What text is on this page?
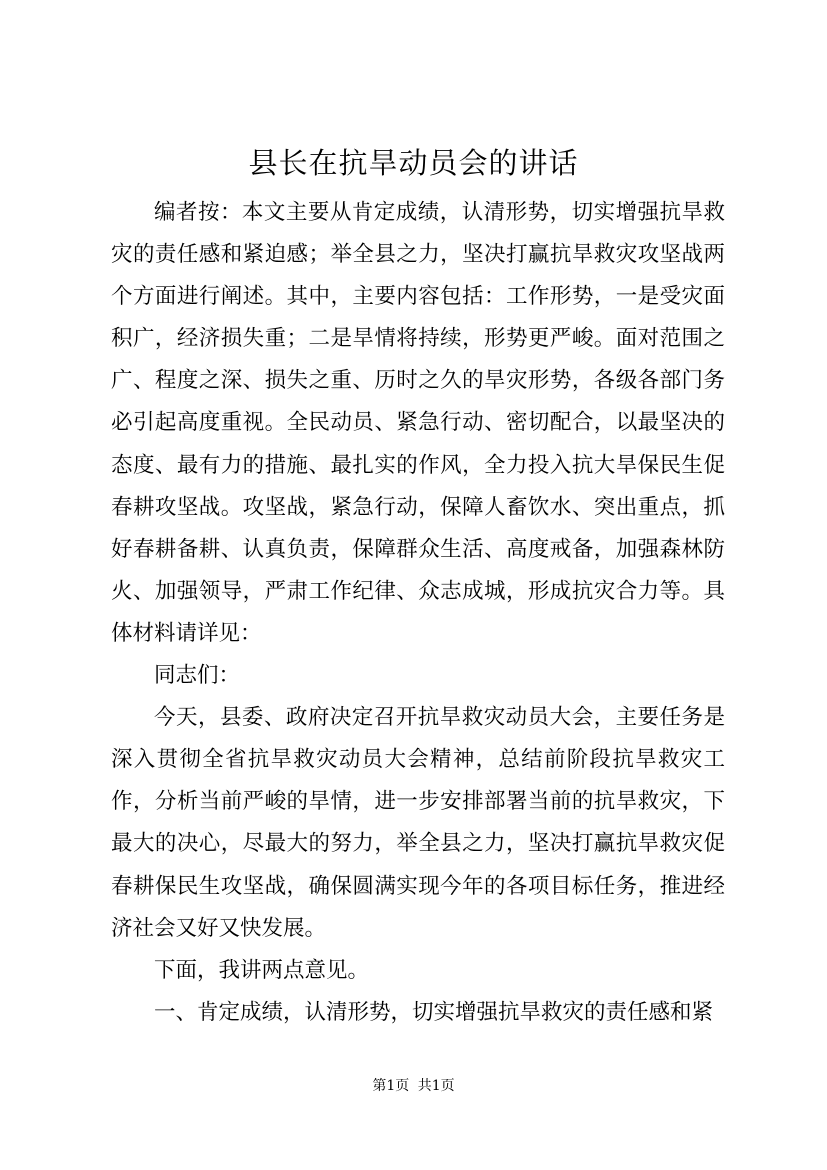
县长在抗旱动员会的讲话

编者按：本文主要从肯定成绩，认清形势，切实增强抗旱救灾的责任感和紧迫感；举全县之力，坚决打赢抗旱救灾攻坚战两个方面进行阐述。其中，主要内容包括：工作形势，一是受灾面积广，经济损失重；二是旱情将持续，形势更严峻。面对范围之广、程度之深、损失之重、历时之久的旱灾形势，各级各部门务必引起高度重视。全民动员、紧急行动、密切配合，以最坚决的态度、最有力的措施、最扎实的作风，全力投入抗大旱保民生促春耕攻坚战。攻坚战，紧急行动，保障人畜饮水、突出重点，抓好春耕备耕、认真负责，保障群众生活、高度戒备，加强森林防火、加强领导，严肃工作纪律、众志成城，形成抗灾合力等。具体材料请详见：

同志们：

今天，县委、政府决定召开抗旱救灾动员大会，主要任务是深入贯彻全省抗旱救灾动员大会精神，总结前阶段抗旱救灾工作，分析当前严峻的旱情，进一步安排部署当前的抗旱救灾，下最大的决心，尽最大的努力，举全县之力，坚决打赢抗旱救灾促春耕保民生攻坚战，确保圆满实现今年的各项目标任务，推进经济社会又好又快发展。

下面，我讲两点意见。

一、肯定成绩，认清形势，切实增强抗旱救灾的责任感和紧

第1页 共1页
